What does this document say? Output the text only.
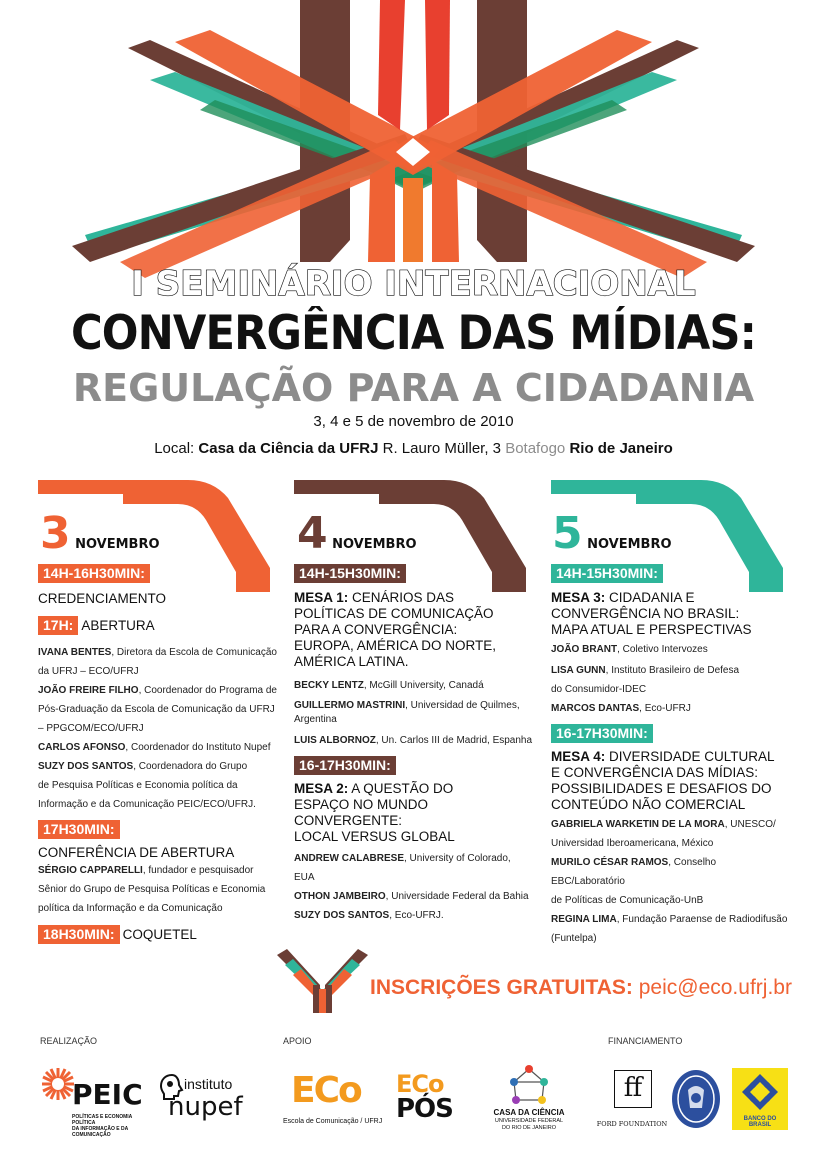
I SEMINÁRIO INTERNACIONAL
CONVERGÊNCIA DAS MÍDIAS:
REGULAÇÃO PARA A CIDADANIA
3, 4 e 5 de novembro de 2010
Local: Casa da Ciência da UFRJ R. Lauro Müller, 3 Botafogo Rio de Janeiro
3 NOVEMBRO	4 NOVEMBRO	5 NOVEMBRO
14H-16H30MIN:
CREDENCIAMENTO
17H: ABERTURA
IVANA BENTES, Diretora da Escola de Comunicação
da UFRJ – ECO/UFRJ
JOÃO FREIRE FILHO, Coordenador do Programa de
Pós-Graduação da Escola de Comunicação da UFRJ
– PPGCOM/ECO/UFRJ
CARLOS AFONSO, Coordenador do Instituto Nupef
SUZY DOS SANTOS, Coordenadora do Grupo
de Pesquisa Políticas e Economia política da
Informação e da Comunicação PEIC/ECO/UFRJ.
17H30MIN:
CONFERÊNCIA DE ABERTURA
SÉRGIO CAPPARELLI, fundador e pesquisador
Sênior do Grupo de Pesquisa Políticas e Economia
política da Informação e da Comunicação
18H30MIN: COQUETEL
14H-15H30MIN:
MESA 1: CENÁRIOS DAS
POLÍTICAS DE COMUNICAÇÃO
PARA A CONVERGÊNCIA:
EUROPA, AMÉRICA DO NORTE,
AMÉRICA LATINA.
BECKY LENTZ, McGill University, Canadá
GUILLERMO MASTRINI, Universidad de Quilmes,
Argentina
LUIS ALBORNOZ, Un. Carlos III de Madrid, Espanha
16-17H30MIN:
MESA 2: A QUESTÃO DO
ESPAÇO NO MUNDO CONVERGENTE:
LOCAL VERSUS GLOBAL
ANDREW CALABRESE, University of Colorado, EUA
OTHON JAMBEIRO, Universidade Federal da Bahia
SUZY DOS SANTOS, Eco-UFRJ.
14H-15H30MIN:
MESA 3: CIDADANIA E
CONVERGÊNCIA NO BRASIL:
MAPA ATUAL E PERSPECTIVAS
JOÃO BRANT, Coletivo Intervozes
LISA GUNN, Instituto Brasileiro de Defesa
do Consumidor-IDEC
MARCOS DANTAS, Eco-UFRJ
16-17H30MIN:
MESA 4: DIVERSIDADE CULTURAL
E CONVERGÊNCIA DAS MÍDIAS:
POSSIBILIDADES E DESAFIOS DO
CONTEÚDO NÃO COMERCIAL
GABRIELA WARKETIN DE LA MORA, UNESCO/
Universidad Iberoamericana, México
MURILO CÉSAR RAMOS, Conselho EBC/Laboratório
de Políticas de Comunicação-UnB
REGINA LIMA, Fundação Paraense de Radiodifusão
(Funtelpa)
INSCRIÇÕES GRATUITAS: peic@eco.ufrj.br
REALIZAÇÃO	APOIO	FINANCIAMENTO
PEIC
POLÍTICAS E ECONOMIA POLÍTICA
DA INFORMAÇÃO E DA COMUNICAÇÃO
instituto
nupef ECo
Escola de Comunicação / UFRJ
ECo
PÓS	CASA DA CIÊNCIA
UNIVERSIDADE FEDERAL
DO RIO DE JANEIRO
ff
FORD FOUNDATION
BANCO DO BRASIL
